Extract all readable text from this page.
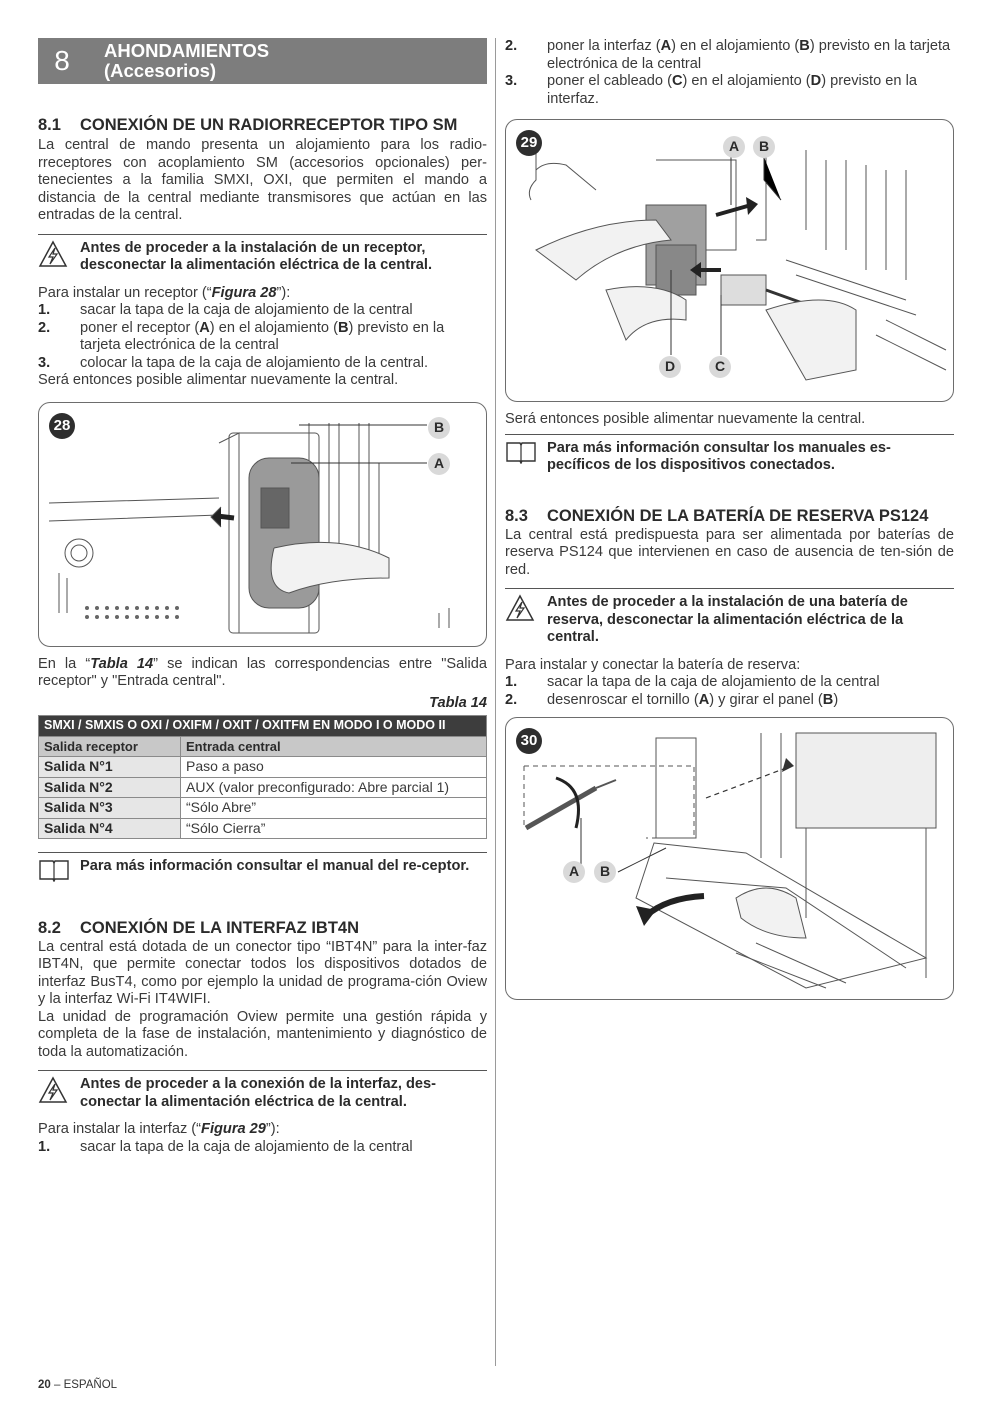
8	AHONDAMIENTOS
(Accesorios)
8.1	CONEXIÓN DE UN RADIORRECEPTOR TIPO SM

La central de mando presenta un alojamiento para los radio-rreceptores con acoplamiento SM (accesorios opcionales) per-tenecientes a la familia SMXI, OXI, que permiten el mando a distancia de la central mediante transmisores que actúan en las entradas de la central.

Antes de proceder a la instalación de un receptor, desconectar la alimentación eléctrica de la central.
Para instalar un receptor (“Figura 28”):
1.	sacar la tapa de la caja de alojamiento de la central
2.	poner el receptor (A) en el alojamiento (B) previsto en la tarjeta electrónica de la central
3.	colocar la tapa de la caja de alojamiento de la central.
Será entonces posible alimentar nuevamente la central.
28	B
A

En la “Tabla 14” se indican las correspondencias entre "Salida receptor" y "Entrada central".

Tabla 14
SMXI / SMXIS O OXI / OXIFM / OXIT / OXITFM EN MODO I O MODO II	
Salida receptor	Entrada central
Salida N°1	Paso a paso
Salida N°2	AUX (valor preconfigurado: Abre parcial 1)
Salida N°3	“Sólo Abre”
Salida N°4	“Sólo Cierra”
Para más información consultar el manual del re-ceptor.
8.2	CONEXIÓN DE LA INTERFAZ IBT4N

La central está dotada de un conector tipo “IBT4N” para la inter-faz IBT4N, que permite conectar todos los dispositivos dotados de interfaz BusT4, como por ejemplo la unidad de programa-ción Oview y la interfaz Wi-Fi IT4WIFI.

La unidad de programación Oview permite una gestión rápida y completa de la fase de instalación, mantenimiento y diagnóstico de toda la automatización.

Antes de proceder a la conexión de la interfaz, des-conectar la alimentación eléctrica de la central.
Para instalar la interfaz (“Figura 29”):
1.	sacar la tapa de la caja de alojamiento de la central
2.	poner la interfaz (A) en el alojamiento (B) previsto en la tarjeta electrónica de la central
3.	poner el cableado (C) en el alojamiento (D) previsto en la interfaz.
29	A	B
D	C
Será entonces posible alimentar nuevamente la central.
Para más información consultar los manuales es-pecíficos de los dispositivos conectados.
8.3	CONEXIÓN DE LA BATERÍA DE RESERVA PS124

La central está predispuesta para ser alimentada por baterías de reserva PS124 que intervienen en caso de ausencia de ten-sión de red.

Antes de proceder a la instalación de una batería de reserva, desconectar la alimentación eléctrica de la central.
Para instalar y conectar la batería de reserva:
1.	sacar la tapa de la caja de alojamiento de la central
2.	desenroscar el tornillo (A) y girar el panel (B)
30
A	B
20 – ESPAÑOL
